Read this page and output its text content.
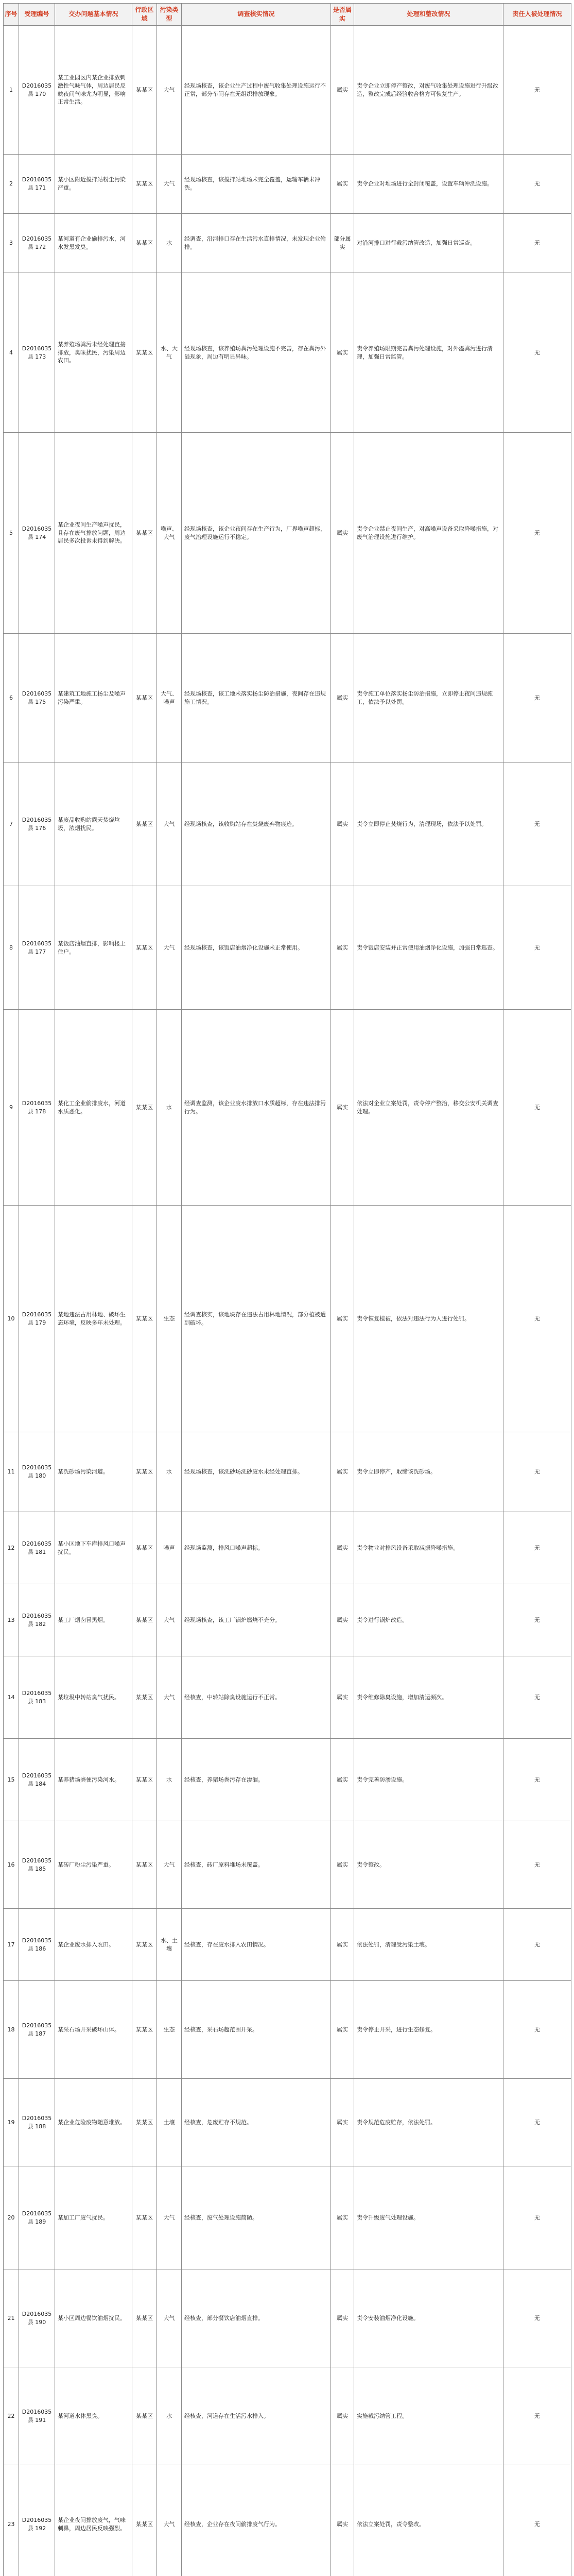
序号	受理编号	交办问题基本情况	行政区域	污染类型	调查核实情况	是否属实	处理和整改情况	责任人被处理情况
1	D2016035县 170	某工业园区内某企业排放刺激性气味气体，周边居民反映夜间气味尤为明显，影响正常生活。	某某区	大气	经现场核查，该企业生产过程中废气收集处理设施运行不正常，部分车间存在无组织排放现象。	属实	责令企业立即停产整改，对废气收集处理设施进行升级改造，整改完成后经验收合格方可恢复生产。	无
2	D2016035县 171	某小区附近搅拌站粉尘污染严重。	某某区	大气	经现场核查，该搅拌站堆场未完全覆盖，运输车辆未冲洗。	属实	责令企业对堆场进行全封闭覆盖，设置车辆冲洗设施。	无
3	D2016035县 172	某河道有企业偷排污水，河水发黑发臭。	某某区	水	经调查，沿河排口存在生活污水直排情况，未发现企业偷排。	部分属实	对沿河排口进行截污纳管改造，加强日常巡查。	无
4	D2016035县 173	某养殖场粪污未经处理直接排放，臭味扰民，污染周边农田。	某某区	水、大气	经现场核查，该养殖场粪污处理设施不完善，存在粪污外溢现象，周边有明显异味。	属实	责令养殖场限期完善粪污处理设施，对外溢粪污进行清理，加强日常监管。	无
5	D2016035县 174	某企业夜间生产噪声扰民，且存在废气排放问题，周边居民多次投诉未得到解决。	某某区	噪声、大气	经现场核查，该企业夜间存在生产行为，厂界噪声超标，废气治理设施运行不稳定。	属实	责令企业禁止夜间生产，对高噪声设备采取降噪措施，对废气治理设施进行维护。	无
6	D2016035县 175	某建筑工地施工扬尘及噪声污染严重。	某某区	大气、噪声	经现场核查，该工地未落实扬尘防治措施，夜间存在违规施工情况。	属实	责令施工单位落实扬尘防治措施，立即停止夜间违规施工，依法予以处罚。	无
7	D2016035县 176	某废品收购站露天焚烧垃圾，浓烟扰民。	某某区	大气	经现场核查，该收购站存在焚烧废弃物痕迹。	属实	责令立即停止焚烧行为，清理现场，依法予以处罚。	无
8	D2016035县 177	某饭店油烟直排，影响楼上住户。	某某区	大气	经现场核查，该饭店油烟净化设施未正常使用。	属实	责令饭店安装并正常使用油烟净化设施，加强日常巡查。	无
9	D2016035县 178	某化工企业偷排废水，河道水质恶化。	某某区	水	经调查监测，该企业废水排放口水质超标，存在违法排污行为。	属实	依法对企业立案处罚，责令停产整治，移交公安机关调查处理。	无
10	D2016035县 179	某地违法占用林地、破坏生态环境，反映多年未处理。	某某区	生态	经调查核实，该地块存在违法占用林地情况，部分植被遭到破坏。	属实	责令恢复植被，依法对违法行为人进行处罚。	无
11	D2016035县 180	某洗砂场污染河道。	某某区	水	经现场核查，该洗砂场洗砂废水未经处理直排。	属实	责令立即停产，取缔该洗砂场。	无
12	D2016035县 181	某小区地下车库排风口噪声扰民。	某某区	噪声	经现场监测，排风口噪声超标。	属实	责令物业对排风设备采取减振降噪措施。	无
13	D2016035县 182	某工厂烟囱冒黑烟。	某某区	大气	经现场核查，该工厂锅炉燃烧不充分。	属实	责令进行锅炉改造。	无
14	D2016035县 183	某垃圾中转站臭气扰民。	某某区	大气	经核查，中转站除臭设施运行不正常。	属实	责令维修除臭设施，增加清运频次。	无
15	D2016035县 184	某养猪场粪便污染河水。	某某区	水	经核查，养猪场粪污存在渗漏。	属实	责令完善防渗设施。	无
16	D2016035县 185	某砖厂粉尘污染严重。	某某区	大气	经核查，砖厂原料堆场未覆盖。	属实	责令整改。	无
17	D2016035县 186	某企业废水排入农田。	某某区	水、土壤	经核查，存在废水排入农田情况。	属实	依法处罚，清理受污染土壤。	无
18	D2016035县 187	某采石场开采破坏山体。	某某区	生态	经核查，采石场超范围开采。	属实	责令停止开采，进行生态修复。	无
19	D2016035县 188	某企业危险废物随意堆放。	某某区	土壤	经核查，危废贮存不规范。	属实	责令规范危废贮存，依法处罚。	无
20	D2016035县 189	某加工厂废气扰民。	某某区	大气	经核查，废气处理设施简陋。	属实	责令升级废气处理设施。	无
21	D2016035县 190	某小区周边餐饮油烟扰民。	某某区	大气	经核查，部分餐饮店油烟直排。	属实	责令安装油烟净化设施。	无
22	D2016035县 191	某河道水体黑臭。	某某区	水	经核查，河道存在生活污水排入。	属实	实施截污纳管工程。	无
23	D2016035县 192	某企业夜间排放废气，气味刺鼻，周边居民反映强烈。	某某区	大气	经核查，企业存在夜间偷排废气行为。	属实	依法立案处罚，责令整改。	无
